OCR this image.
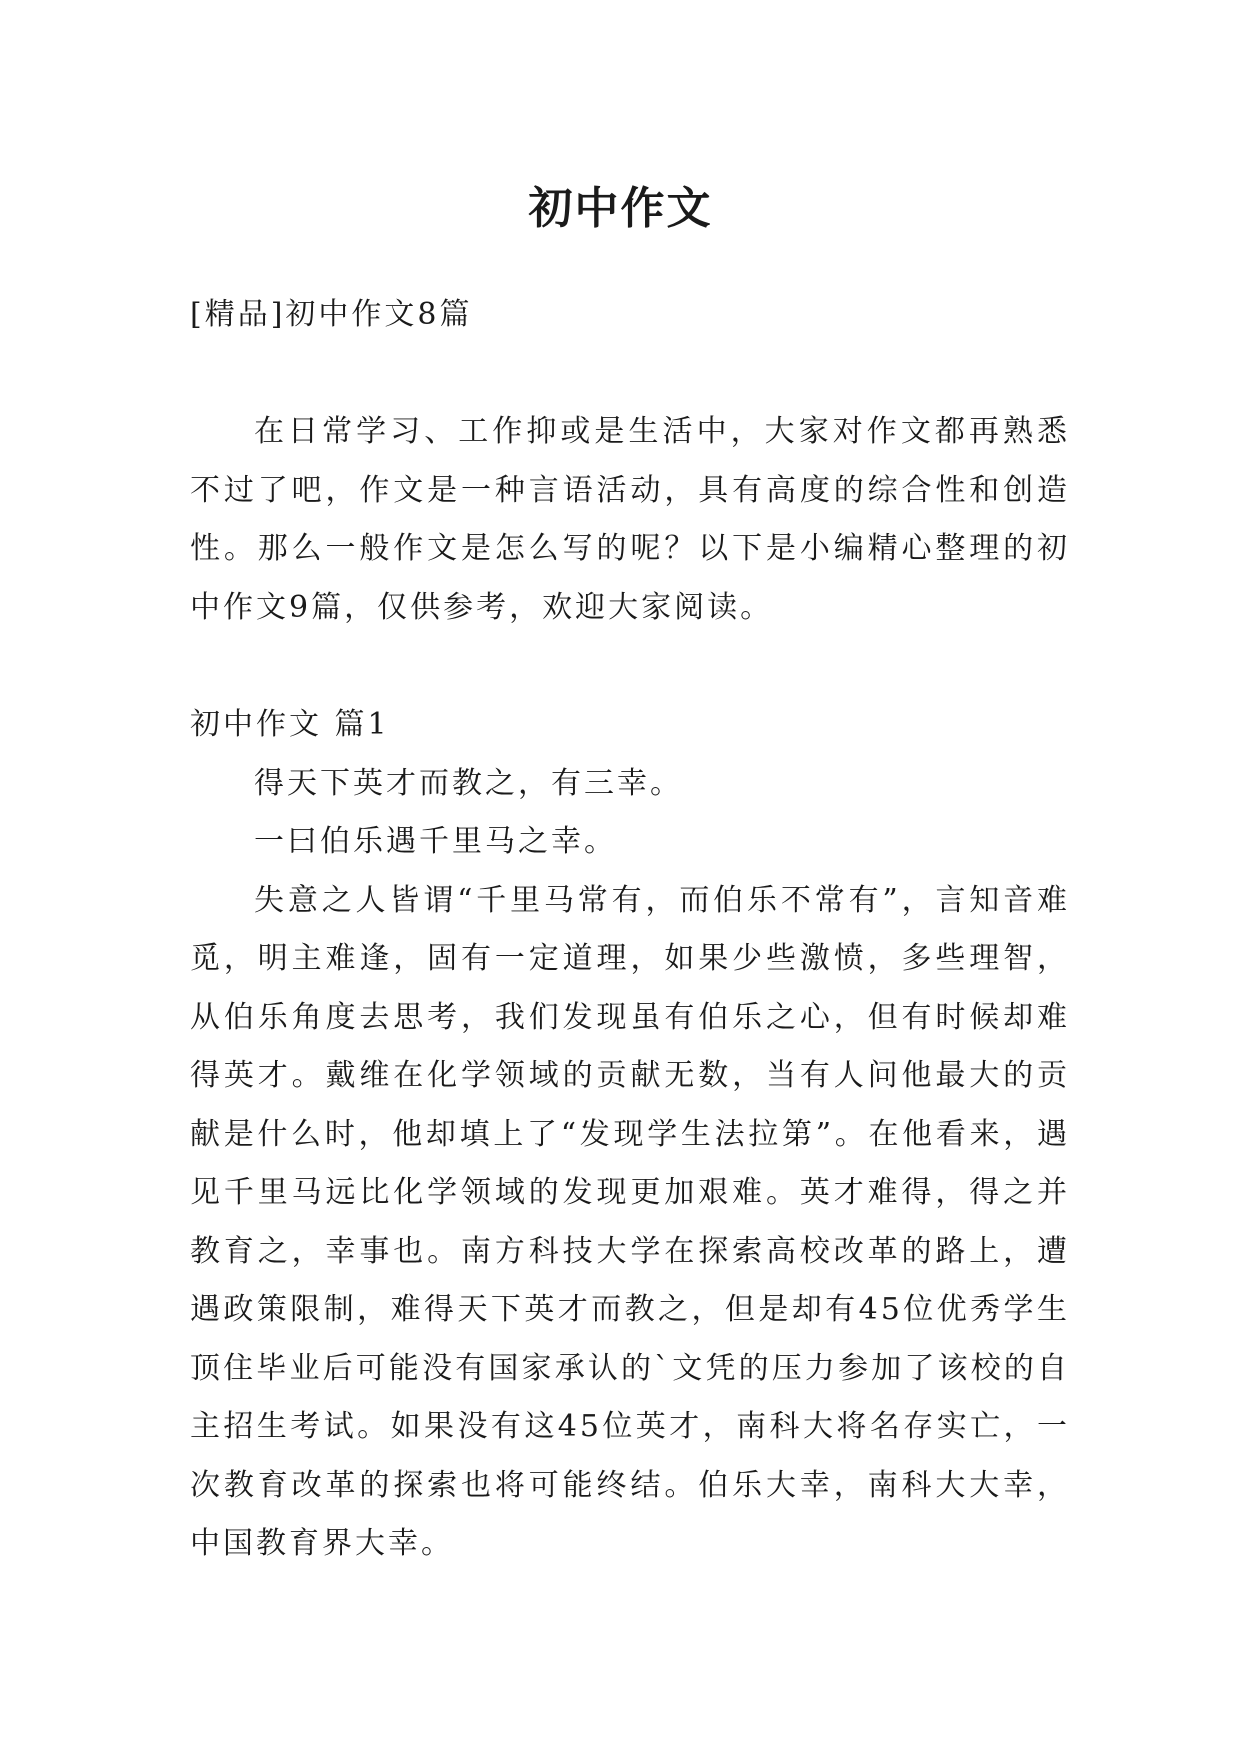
初中作文
[精品]初中作文8篇

在日常学习、工作抑或是生活中，大家对作文都再熟悉不过了吧，作文是一种言语活动，具有高度的综合性和创造性。那么一般作文是怎么写的呢？以下是小编精心整理的初中作文9篇，仅供参考，欢迎大家阅读。

初中作文 篇1

得天下英才而教之，有三幸。

一曰伯乐遇千里马之幸。

失意之人皆谓“千里马常有，而伯乐不常有”，言知音难觅，明主难逢，固有一定道理，如果少些激愤，多些理智，从伯乐角度去思考，我们发现虽有伯乐之心，但有时候却难得英才。戴维在化学领域的贡献无数，当有人问他最大的贡献是什么时，他却填上了“发现学生法拉第”。在他看来，遇见千里马远比化学领域的发现更加艰难。英才难得，得之并教育之，幸事也。南方科技大学在探索高校改革的路上，遭遇政策限制，难得天下英才而教之，但是却有45位优秀学生顶住毕业后可能没有国家承认的`文凭的压力参加了该校的自主招生考试。如果没有这45位英才，南科大将名存实亡，一次教育改革的探索也将可能终结。伯乐大幸，南科大大幸，中国教育界大幸。
